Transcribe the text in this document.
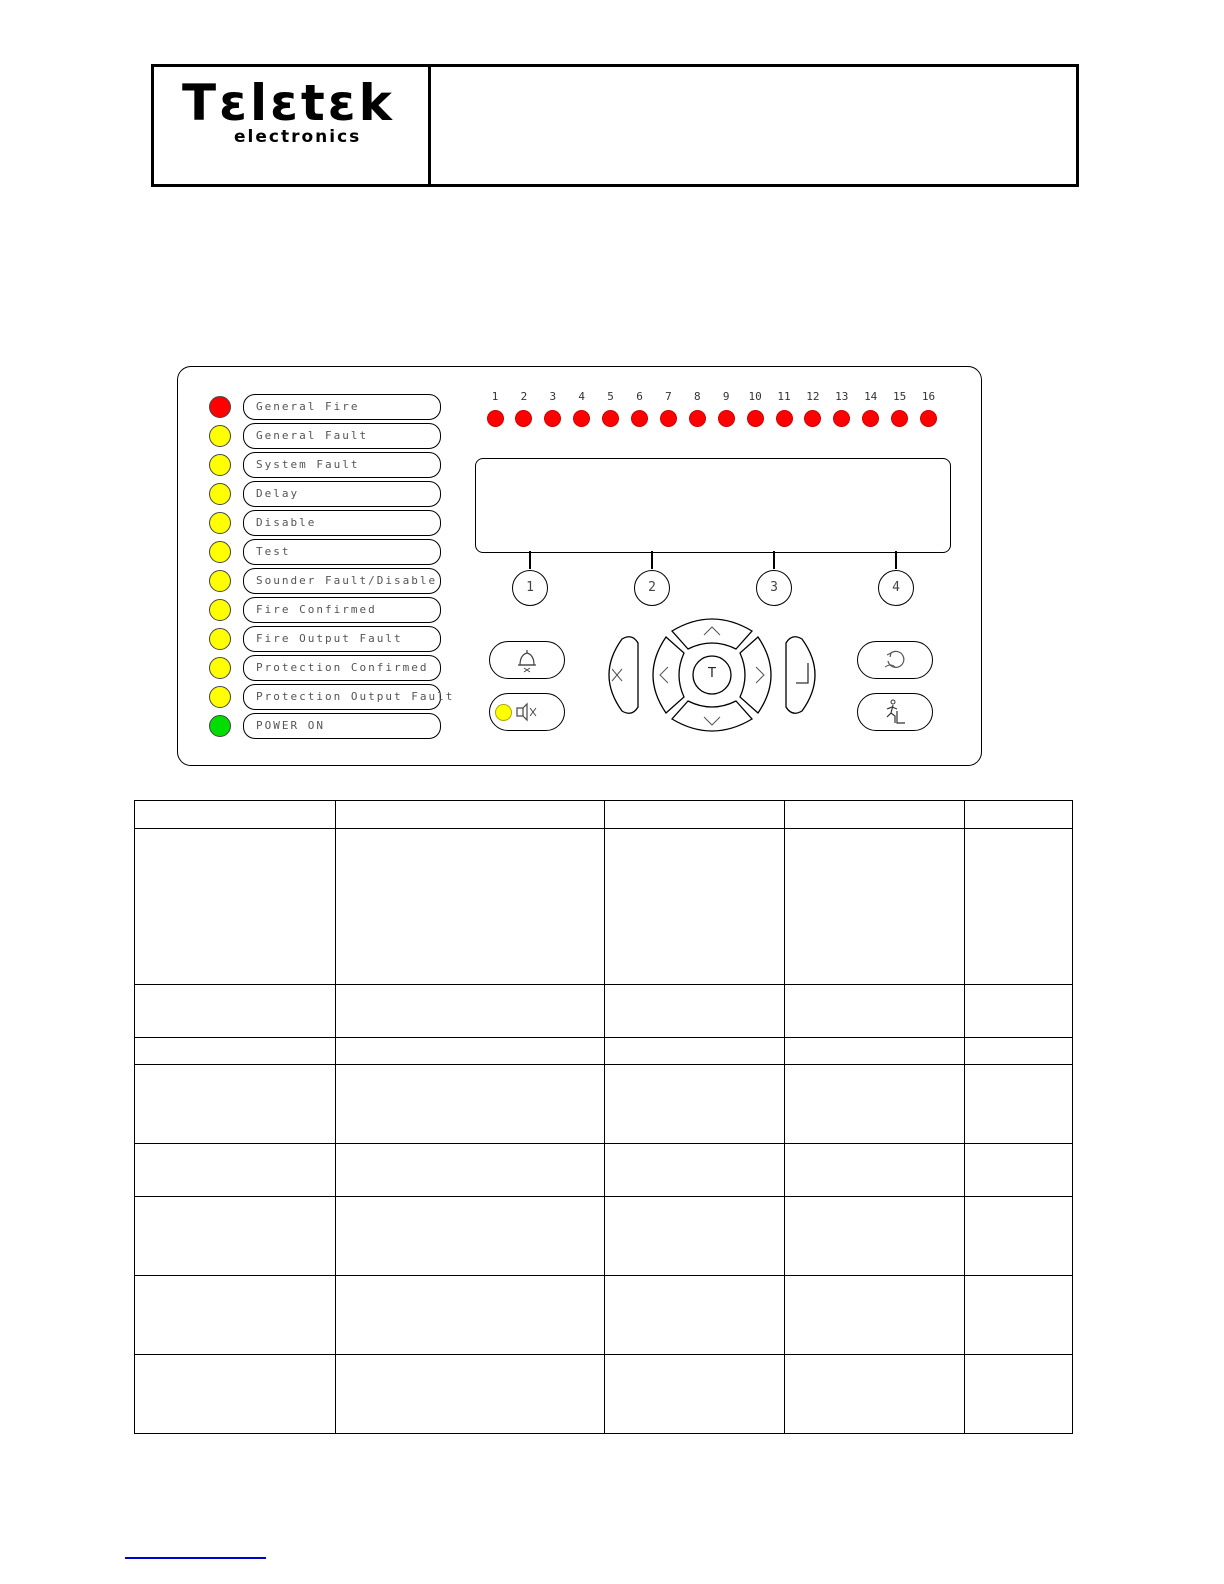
Tεlεtεk
electronics
General Fire
General Fault
System Fault
Delay
Disable
Test
Sounder Fault/Disable
Fire Confirmed
Fire Output Fault
Protection Confirmed
Protection Output Fault
POWER ON
1	2	3	4	5	6	7	8	9	10	11	12	13	14	15	16
1	2	3	4
T
